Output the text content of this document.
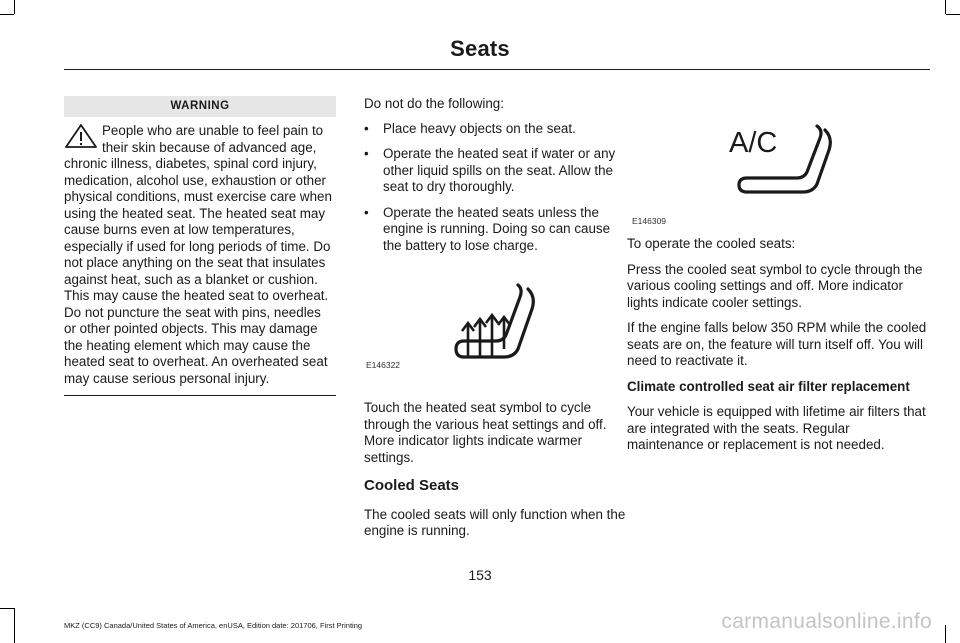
Seats
WARNING

People who are unable to feel pain to their skin because of advanced age, chronic illness, diabetes, spinal cord injury, medication, alcohol use, exhaustion or other physical conditions, must exercise care when using the heated seat. The heated seat may cause burns even at low temperatures, especially if used for long periods of time. Do not place anything on the seat that insulates against heat, such as a blanket or cushion. This may cause the heated seat to overheat. Do not puncture the seat with pins, needles or other pointed objects. This may damage the heating element which may cause the heated seat to overheat. An overheated seat may cause serious personal injury.

Do not do the following:

• Place heavy objects on the seat.
• Operate the heated seat if water or any other liquid spills on the seat. Allow the seat to dry thoroughly.
• Operate the heated seats unless the engine is running. Doing so can cause the battery to lose charge.
E146322

Touch the heated seat symbol to cycle through the various heat settings and off. More indicator lights indicate warmer settings.

Cooled Seats

The cooled seats will only function when the engine is running.

A/C
E146309

To operate the cooled seats:

Press the cooled seat symbol to cycle through the various cooling settings and off. More indicator lights indicate cooler settings.

If the engine falls below 350 RPM while the cooled seats are on, the feature will turn itself off. You will need to reactivate it.

Climate controlled seat air filter replacement

Your vehicle is equipped with lifetime air filters that are integrated with the seats. Regular maintenance or replacement is not needed.

153
MKZ (CC9) Canada/United States of America, enUSA, Edition date: 201706, First Printing	carmanualsonline.info
